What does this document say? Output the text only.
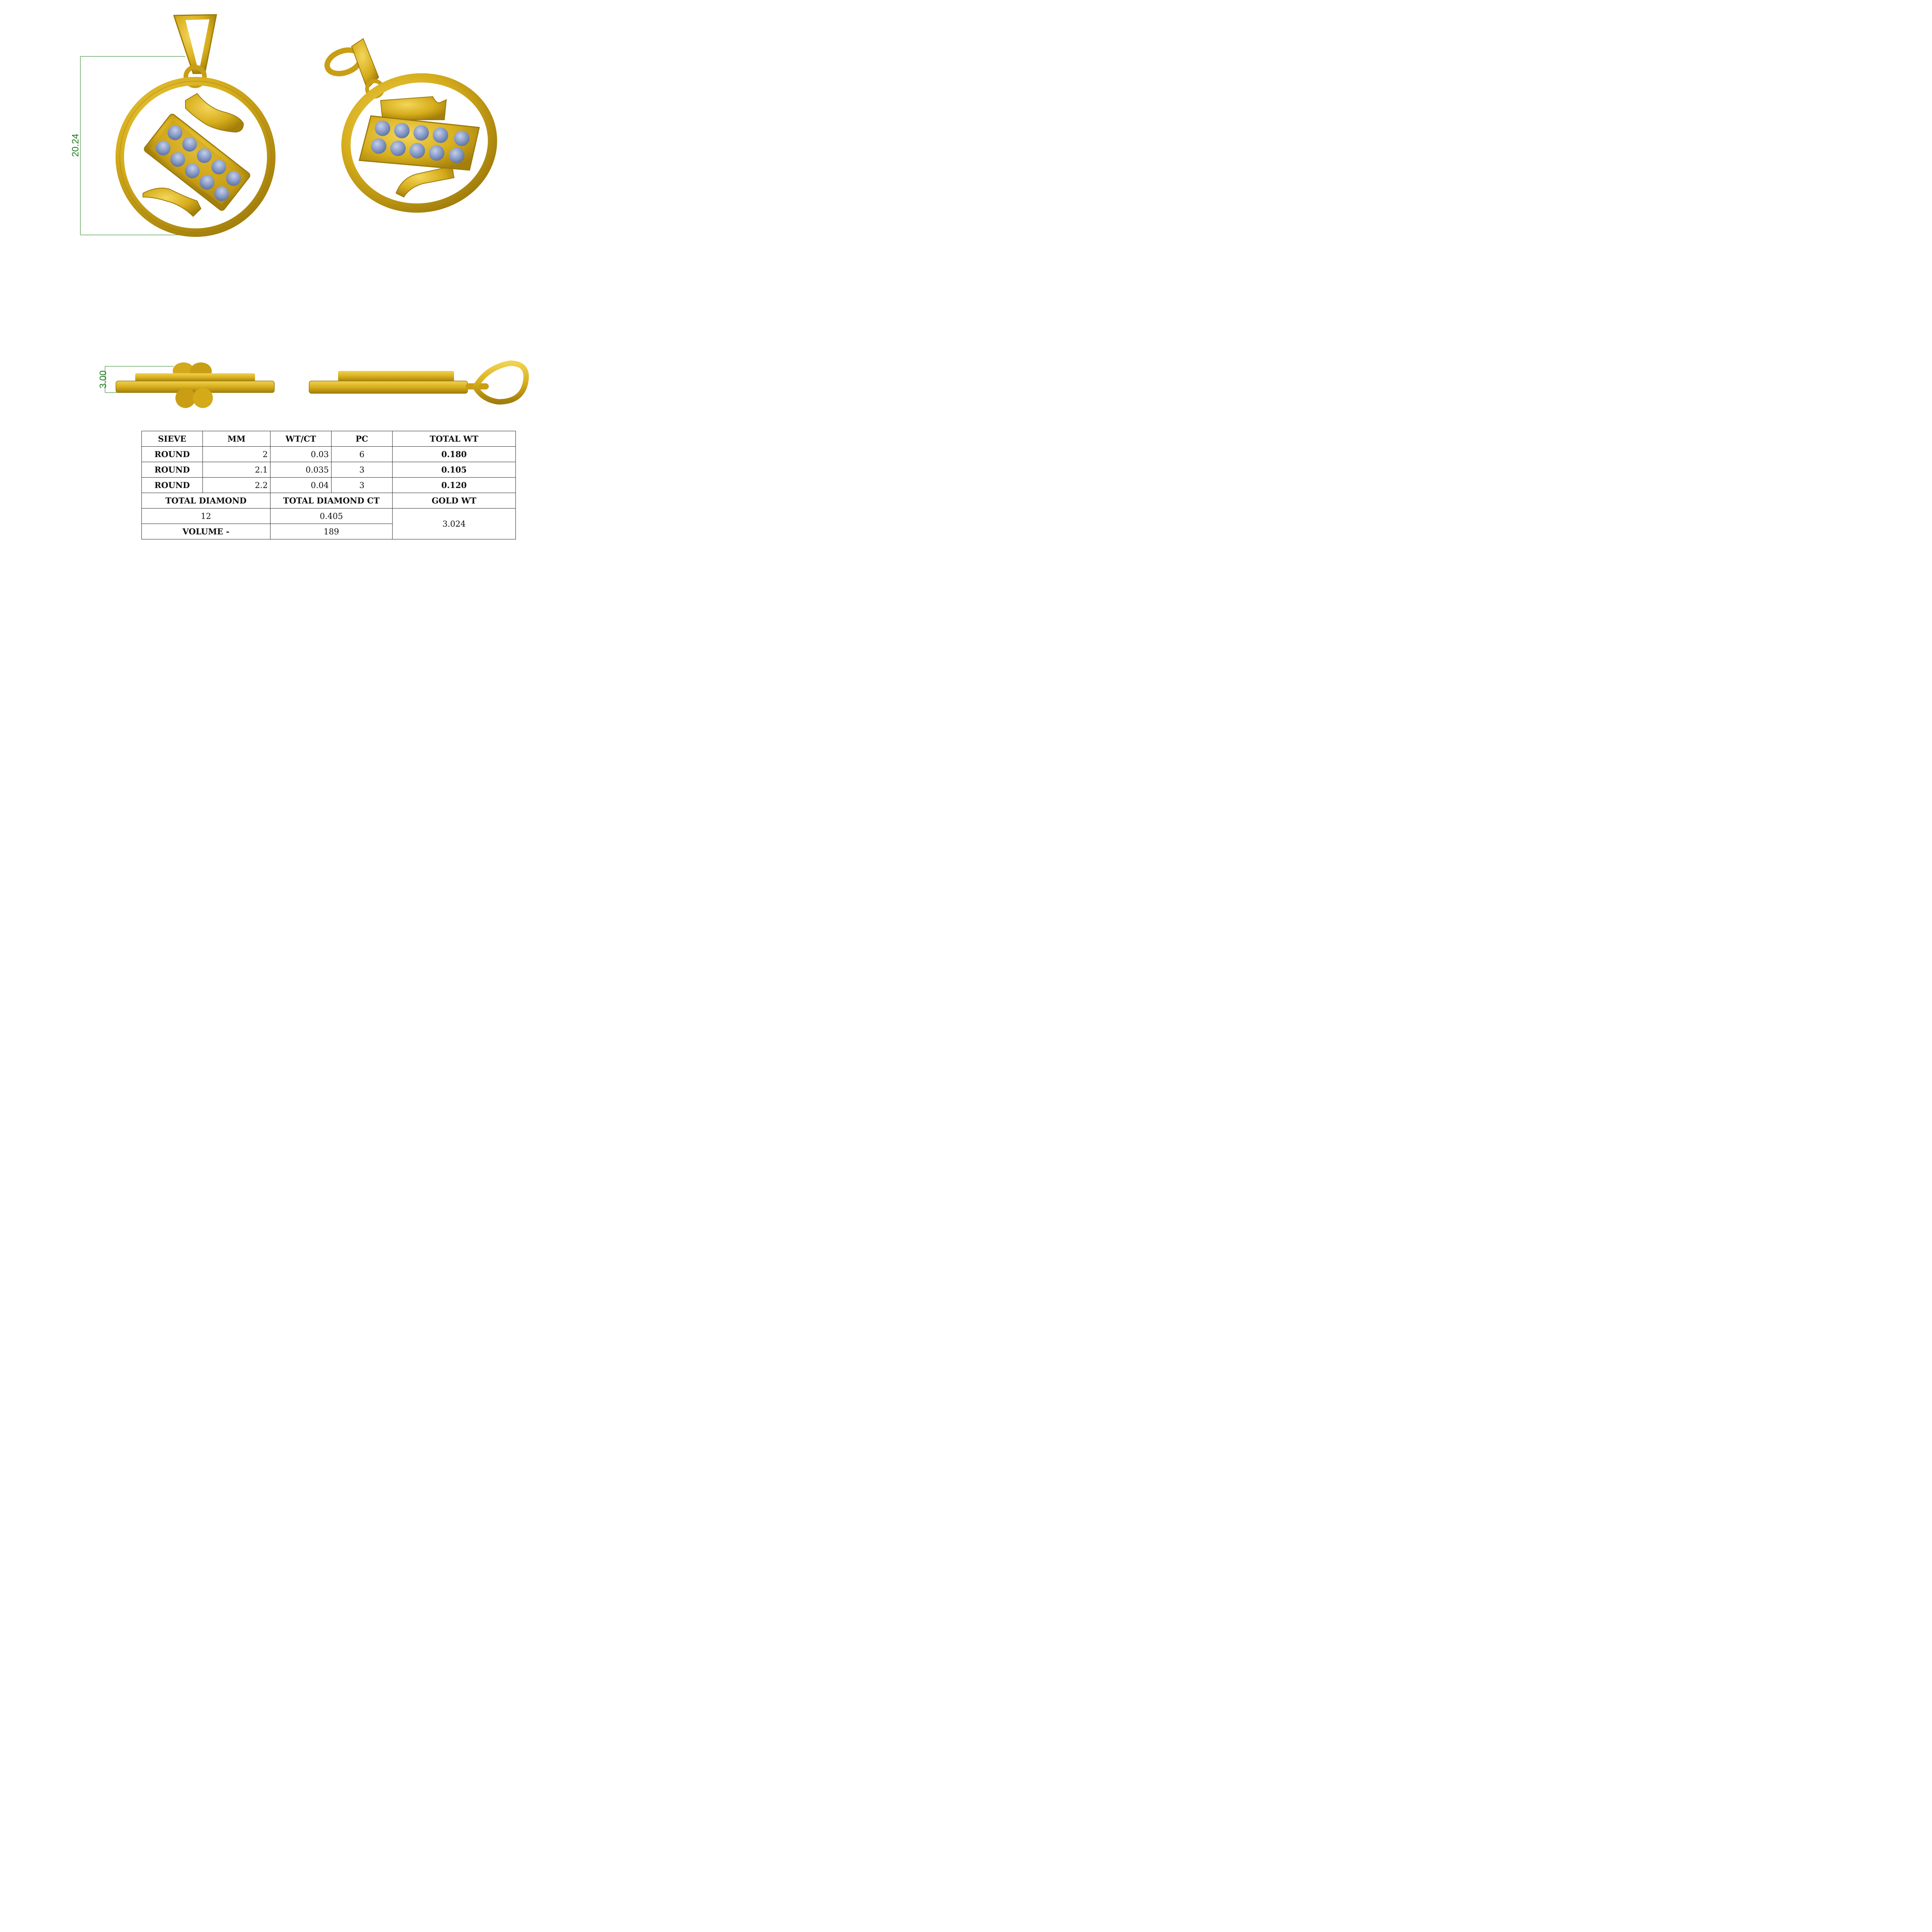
20.24
3.00
SIEVE	MM	WT/CT	PC	TOTAL WT
ROUND	2	0.03	6	0.180
ROUND	2.1	0.035	3	0.105
ROUND	2.2	0.04	3	0.120
TOTAL DIAMOND		TOTAL DIAMOND CT		GOLD WT
12		0.405		3.024
VOLUME -		189		
